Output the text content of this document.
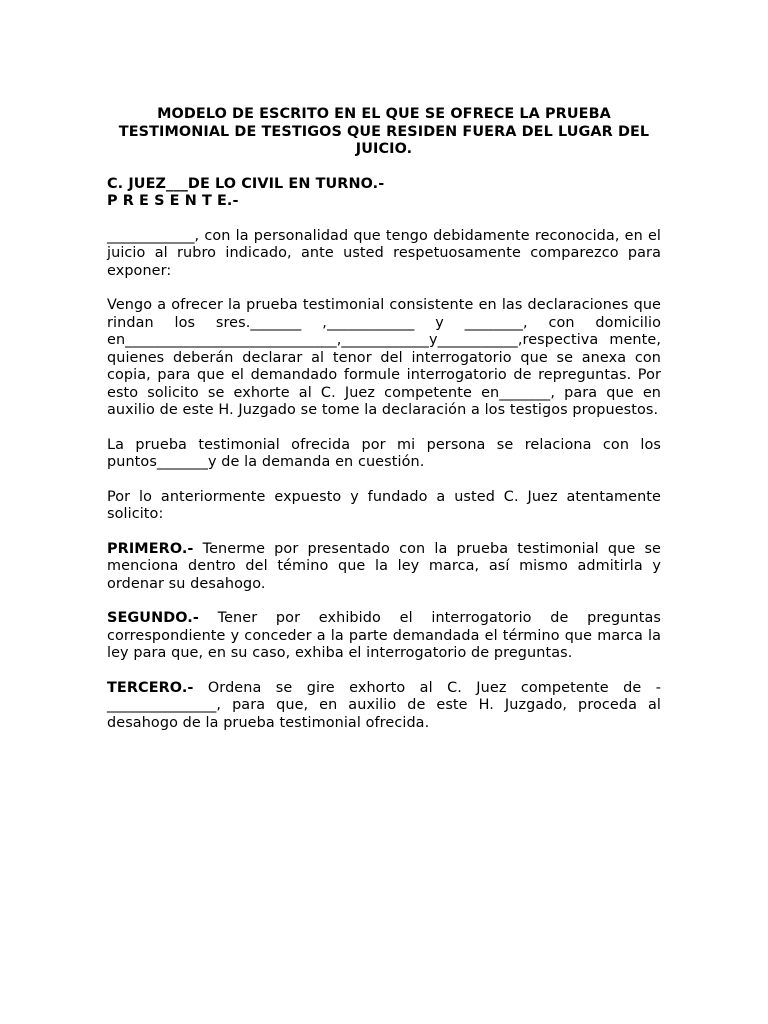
MODELO DE ESCRITO EN EL QUE SE OFRECE LA PRUEBA TESTIMONIAL DE TESTIGOS QUE RESIDEN FUERA DEL LUGAR DEL JUICIO.
C. JUEZ___DE LO CIVIL EN TURNO.-
P R E S E N T E.-
____________, con la personalidad que tengo debidamente reconocida, en el juicio al rubro indicado, ante usted respetuosamente comparezco para exponer:
Vengo a ofrecer la prueba testimonial consistente en las declaraciones que rindan los sres._______ ,____________ y ________, con domicilio en_____________________________,____________y___________,respectiva mente, quienes deberán declarar al tenor del interrogatorio que se anexa con copia, para que el demandado formule interrogatorio de repreguntas. Por esto solicito se exhorte al C. Juez competente en_______, para que en auxilio de este H. Juzgado se tome la declaración a los testigos propuestos.
La prueba testimonial ofrecida por mi persona se relaciona con los puntos_______y de la demanda en cuestión.
Por lo anteriormente expuesto y fundado a usted C. Juez atentamente solicito:
PRIMERO.- Tenerme por presentado con la prueba testimonial que se menciona dentro del témino que la ley marca, así mismo admitirla y ordenar su desahogo.
SEGUNDO.- Tener por exhibido el interrogatorio de preguntas correspondiente y conceder a la parte demandada el término que marca la ley para que, en su caso, exhiba el interrogatorio de preguntas.
TERCERO.- Ordena se gire exhorto al C. Juez competente de -_______________, para que, en auxilio de este H. Juzgado, proceda al desahogo de la prueba testimonial ofrecida.
